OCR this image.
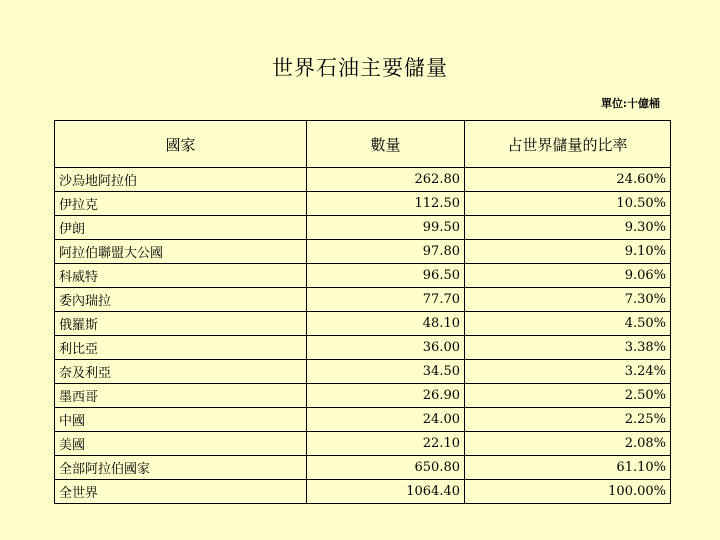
世界石油主要儲量
單位:十億桶
國家	數量	占世界儲量的比率
沙烏地阿拉伯	262.80	24.60%
伊拉克	112.50	10.50%
伊朗	99.50	9.30%
阿拉伯聯盟大公國	97.80	9.10%
科威特	96.50	9.06%
委內瑞拉	77.70	7.30%
俄羅斯	48.10	4.50%
利比亞	36.00	3.38%
奈及利亞	34.50	3.24%
墨西哥	26.90	2.50%
中國	24.00	2.25%
美國	22.10	2.08%
全部阿拉伯國家	650.80	61.10%
全世界	1064.40	100.00%
